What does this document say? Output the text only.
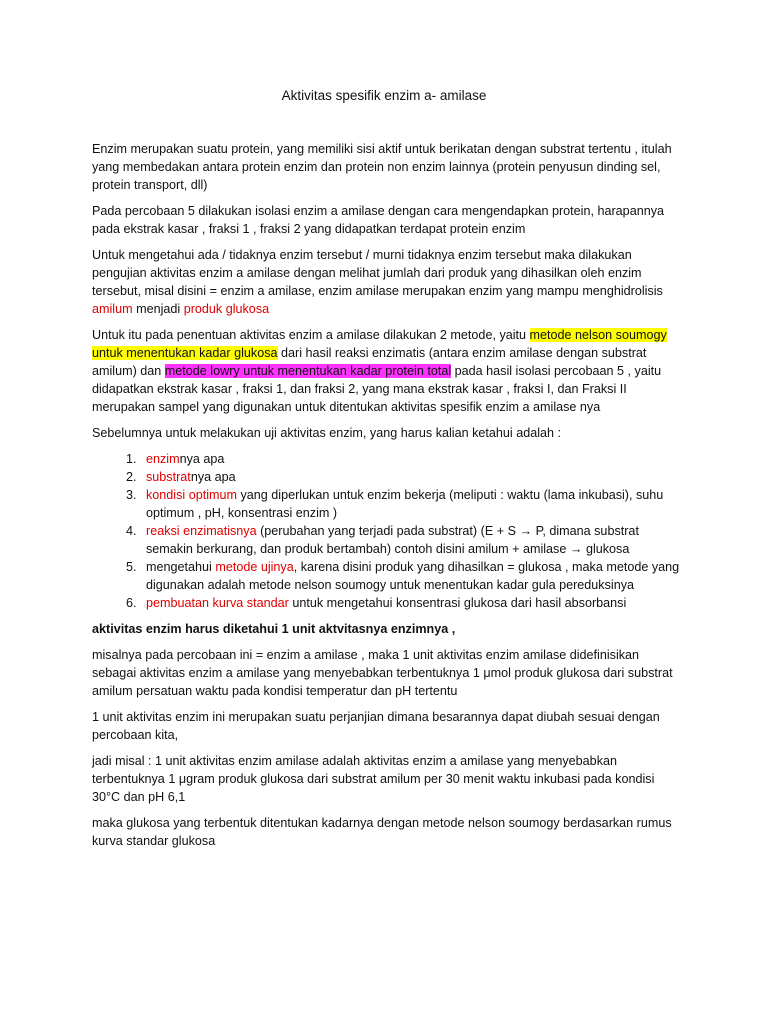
Aktivitas spesifik enzim a- amilase

Enzim merupakan suatu protein, yang memiliki sisi aktif untuk berikatan dengan substrat tertentu , itulah yang membedakan antara protein enzim dan protein non enzim lainnya (protein penyusun dinding sel, protein transport, dll)

Pada percobaan 5 dilakukan isolasi enzim a amilase dengan cara mengendapkan protein, harapannya pada ekstrak kasar , fraksi 1 , fraksi 2 yang didapatkan terdapat protein enzim

Untuk mengetahui ada / tidaknya enzim tersebut / murni tidaknya enzim tersebut maka dilakukan pengujian aktivitas enzim a amilase dengan melihat jumlah dari produk yang dihasilkan oleh enzim tersebut, misal disini = enzim a amilase, enzim amilase merupakan enzim yang mampu menghidrolisis amilum menjadi produk glukosa

Untuk itu pada penentuan aktivitas enzim a amilase dilakukan 2 metode, yaitu metode nelson soumogy untuk menentukan kadar glukosa dari hasil reaksi enzimatis (antara enzim amilase dengan substrat amilum) dan metode lowry untuk menentukan kadar protein total pada hasil isolasi percobaan 5 , yaitu didapatkan ekstrak kasar , fraksi 1, dan fraksi 2, yang mana ekstrak kasar , fraksi I, dan Fraksi II merupakan sampel yang digunakan untuk ditentukan aktivitas spesifik enzim a amilase nya

Sebelumnya untuk melakukan uji aktivitas enzim, yang harus kalian ketahui adalah :

1. enzimnya apa
2. substratnya apa
3. kondisi optimum yang diperlukan untuk enzim bekerja (meliputi : waktu (lama inkubasi), suhu optimum , pH, konsentrasi enzim )
4. reaksi enzimatisnya (perubahan yang terjadi pada substrat) (E + S → P, dimana substrat semakin berkurang, dan produk bertambah) contoh disini amilum + amilase → glukosa
5. mengetahui metode ujinya, karena disini produk yang dihasilkan = glukosa , maka metode yang digunakan adalah metode nelson soumogy untuk menentukan kadar gula pereduksinya
6. pembuatan kurva standar untuk mengetahui konsentrasi glukosa dari hasil absorbansi

aktivitas enzim harus diketahui 1 unit aktvitasnya enzimnya ,

misalnya pada percobaan ini = enzim a amilase , maka 1 unit aktivitas enzim amilase didefinisikan sebagai aktivitas enzim a amilase yang menyebabkan terbentuknya 1 μmol produk glukosa dari substrat amilum persatuan waktu pada kondisi temperatur dan pH tertentu

1 unit aktivitas enzim ini merupakan suatu perjanjian dimana besarannya dapat diubah sesuai dengan percobaan kita,

jadi misal : 1 unit aktivitas enzim amilase adalah aktivitas enzim a amilase yang menyebabkan terbentuknya 1 μgram produk glukosa dari substrat amilum per 30 menit waktu inkubasi pada kondisi 30°C dan pH 6,1

maka glukosa yang terbentuk ditentukan kadarnya dengan metode nelson soumogy berdasarkan rumus kurva standar glukosa
